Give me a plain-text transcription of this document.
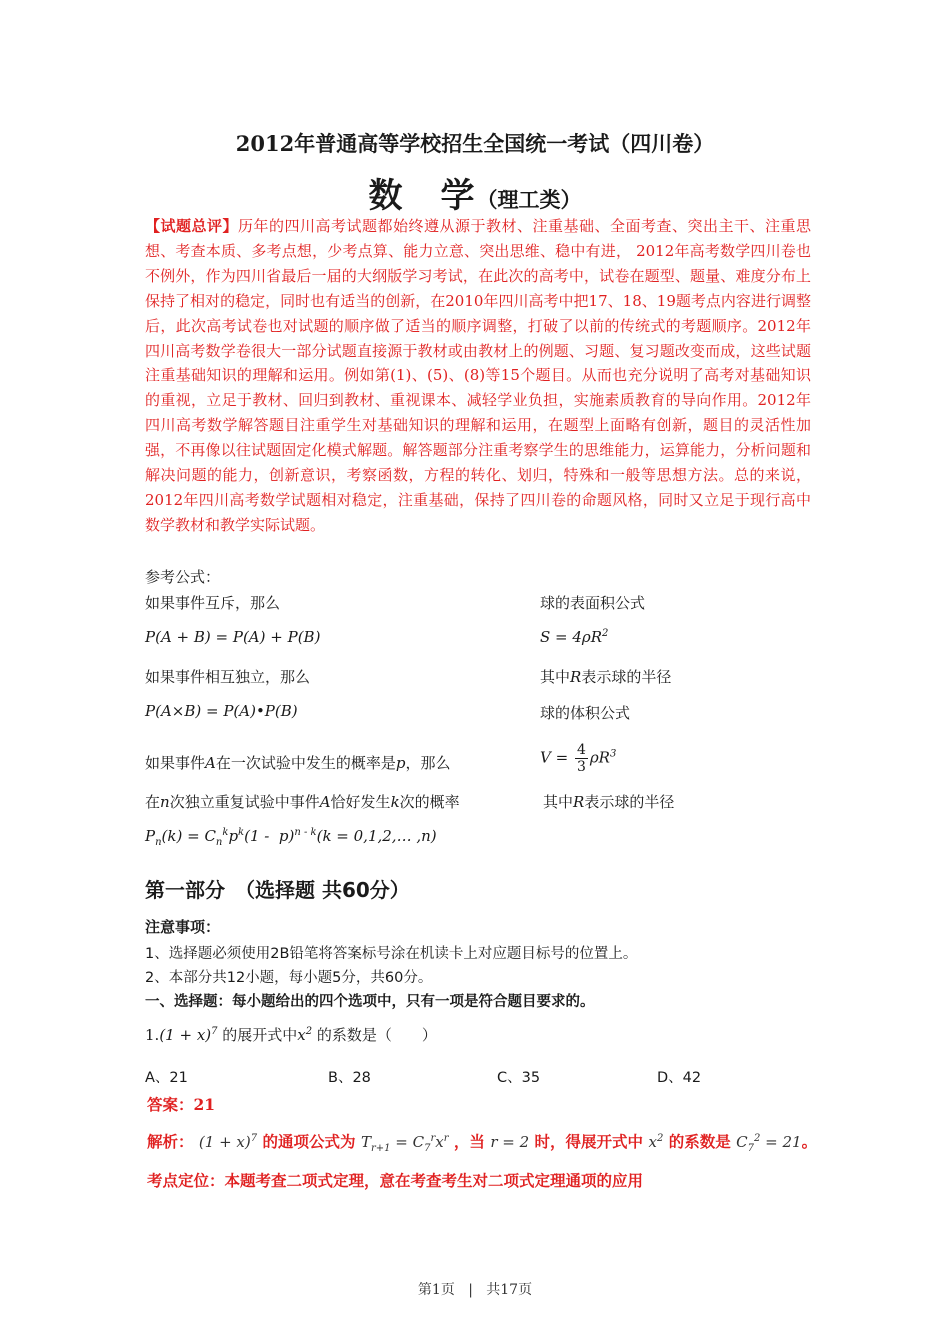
2012年普通高等学校招生全国统一考试（四川卷）
数　学（理工类）
【试题总评】历年的四川高考试题都始终遵从源于教材、注重基础、全面考查、突出主干、注重思想、考查本质、多考点想，少考点算、能力立意、突出思维、稳中有进， 2012年高考数学四川卷也不例外，作为四川省最后一届的大纲版学习考试，在此次的高考中，试卷在题型、题量、难度分布上保持了相对的稳定，同时也有适当的创新，在2010年四川高考中把17、18、19题考点内容进行调整后，此次高考试卷也对试题的顺序做了适当的顺序调整，打破了以前的传统式的考题顺序。2012年四川高考数学卷很大一部分试题直接源于教材或由教材上的例题、习题、复习题改变而成，这些试题注重基础知识的理解和运用。例如第(1)、(5)、(8)等15个题目。从而也充分说明了高考对基础知识的重视，立足于教材、回归到教材、重视课本、减轻学业负担，实施素质教育的导向作用。2012年四川高考数学解答题目注重学生对基础知识的理解和运用，在题型上面略有创新，题目的灵活性加强，不再像以往试题固定化模式解题。解答题部分注重考察学生的思维能力，运算能力，分析问题和解决问题的能力，创新意识，考察函数，方程的转化、划归，特殊和一般等思想方法。总的来说，2012年四川高考数学试题相对稳定，注重基础，保持了四川卷的命题风格，同时又立足于现行高中数学教材和教学实际试题。
参考公式：
如果事件互斥，那么	球的表面积公式
P(A + B) = P(A) + P(B)	$S = 4\rho R^2$
如果事件相互独立，那么	其中R表示球的半径
P(A×B) = P(A)•P(B)	球的体积公式
如果事件A在一次试验中发生的概率是p，那么	$V = \frac{4}{3} \rho R^3$
在n次独立重复试验中事件A恰好发生k次的概率	其中R表示球的半径
$P_n(k) = C_n^kp^k(1 - p)^{n - k}(k$ = 0,1,2,… ,n)
第一部分　（选择题 共60分）
注意事项：
1、选择题必须使用2B铅笔将答案标号涂在机读卡上对应题目标号的位置上。
2、本部分共12小题，每小题5分，共60分。
一、选择题：每小题给出的四个选项中，只有一项是符合题目要求的。
$1.(1 + x)^7$ 的展开式中$x^2$ 的系数是（　　）
A、21	B、28	C、35	D、42
答案：21
解析： $(1 + x)^7$ 的通项公式为 $T_{r+1} = C_7^rx^r$ ，当 r = 2 时，得展开式中 $x^2$ 的系数是 $C_7^2 = 21$。
考点定位：本题考查二项式定理，意在考查考生对二项式定理通项的应用
第1页 | 共17页
